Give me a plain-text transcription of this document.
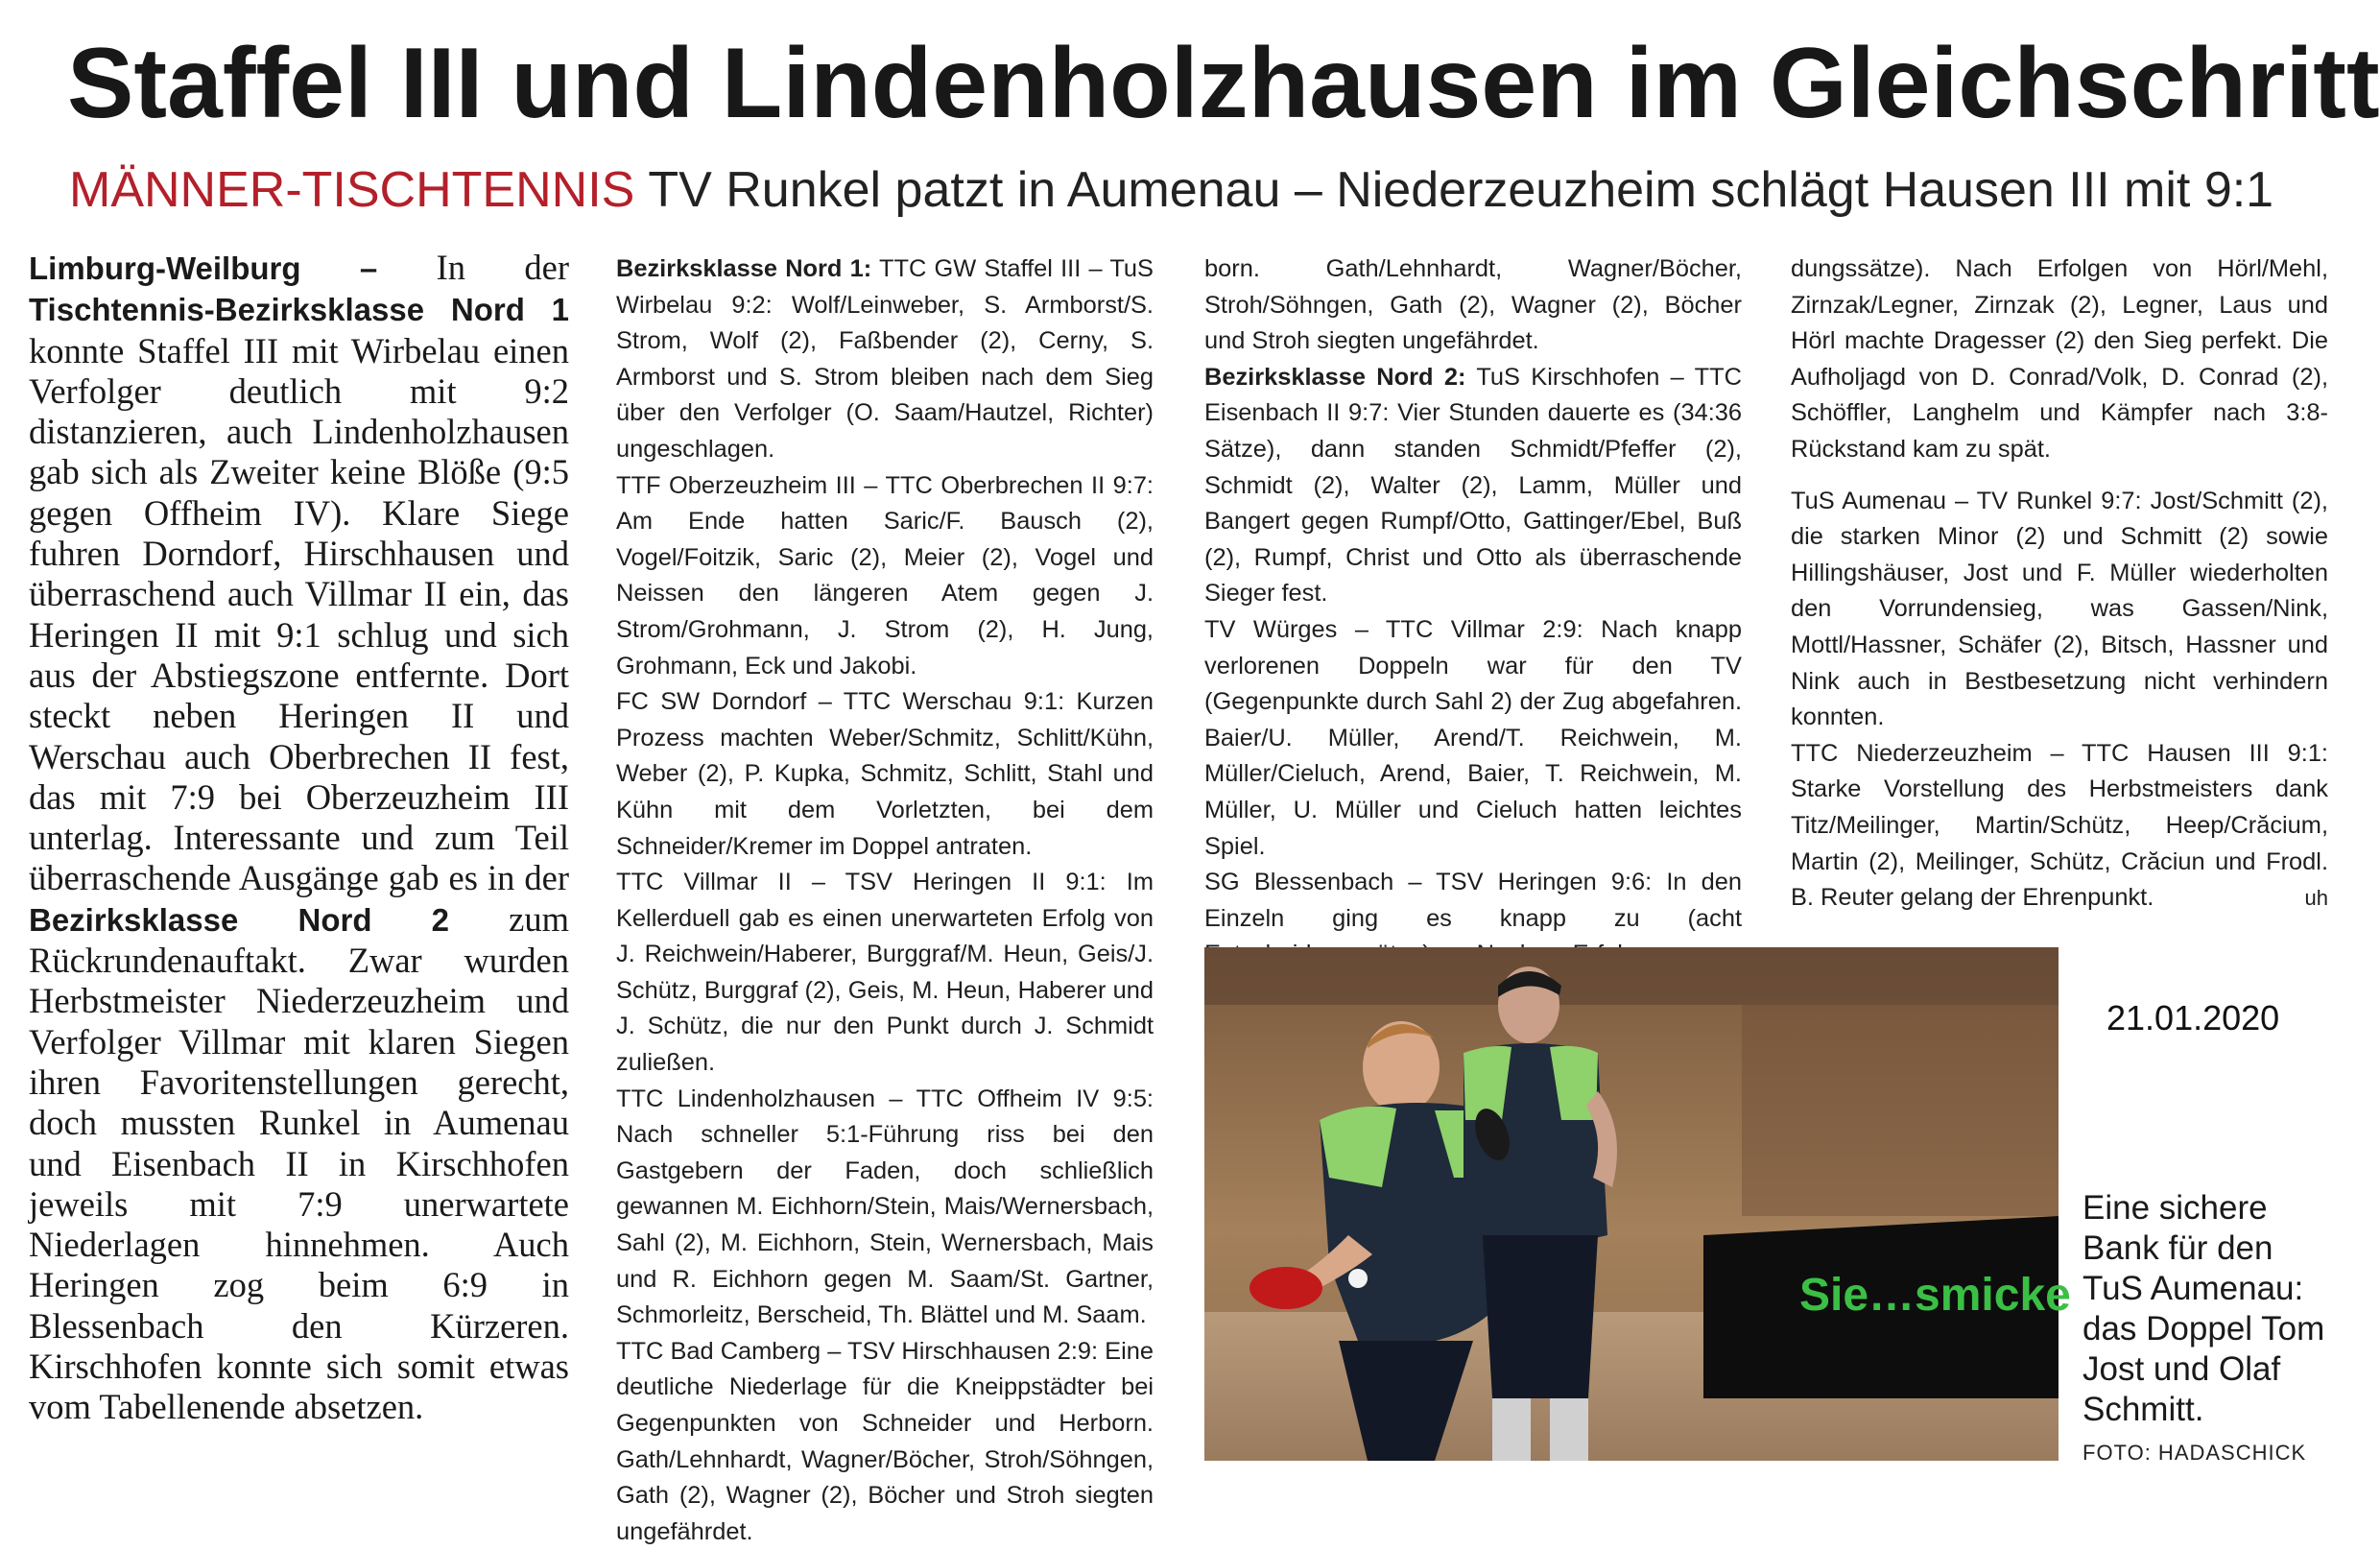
Staffel III und Lindenholzhausen im Gleichschritt
MÄNNER-TISCHTENNIS TV Runkel patzt in Aumenau – Niederzeuzheim schlägt Hausen III mit 9:1
Limburg-Weilburg – In der Tischtennis-Bezirksklasse Nord 1 konnte Staffel III mit Wirbelau einen Verfolger deutlich mit 9:2 distanzieren, auch Lindenholzhausen gab sich als Zweiter keine Blöße (9:5 gegen Offheim IV). Klare Siege fuhren Dorndorf, Hirschhausen und überraschend auch Villmar II ein, das Heringen II mit 9:1 schlug und sich aus der Abstiegszone entfernte. Dort steckt neben Heringen II und Werschau auch Oberbrechen II fest, das mit 7:9 bei Oberzeuzheim III unterlag. Interessante und zum Teil überraschende Ausgänge gab es in der Bezirksklasse Nord 2 zum Rückrundenauftakt. Zwar wurden Herbstmeister Niederzeuzheim und Verfolger Villmar mit klaren Siegen ihren Favoritenstellungen gerecht, doch mussten Runkel in Aumenau und Eisenbach II in Kirschhofen jeweils mit 7:9 unerwartete Niederlagen hinnehmen. Auch Heringen zog beim 6:9 in Blessenbach den Kürzeren. Kirschhofen konnte sich somit etwas vom Tabellenende absetzen.

Bezirksklasse Nord 1: TTC GW Staffel III – TuS Wirbelau 9:2: Wolf/Leinweber, S. Armborst/S. Strom, Wolf (2), Faßbender (2), Cerny, S. Armborst und S. Strom bleiben nach dem Sieg über den Verfolger (O. Saam/Hautzel, Richter) ungeschlagen.

TTF Oberzeuzheim III – TTC Oberbrechen II 9:7: Am Ende hatten Saric/F. Bausch (2), Vogel/Foitzik, Saric (2), Meier (2), Vogel und Neissen den längeren Atem gegen J. Strom/Grohmann, J. Strom (2), H. Jung, Grohmann, Eck und Jakobi.

FC SW Dorndorf – TTC Werschau 9:1: Kurzen Prozess machten Weber/Schmitz, Schlitt/Kühn, Weber (2), P. Kupka, Schmitz, Schlitt, Stahl und Kühn mit dem Vorletzten, bei dem Schneider/Kremer im Doppel antraten.

TTC Villmar II – TSV Heringen II 9:1: Im Kellerduell gab es einen unerwarteten Erfolg von J. Reichwein/Haberer, Burggraf/M. Heun, Geis/J. Schütz, Burggraf (2), Geis, M. Heun, Haberer und J. Schütz, die nur den Punkt durch J. Schmidt zuließen.

TTC Lindenholzhausen – TTC Offheim IV 9:5: Nach schneller 5:1-Führung riss bei den Gastgebern der Faden, doch schließlich gewannen M. Eichhorn/Stein, Mais/Wernersbach, Sahl (2), M. Eichhorn, Stein, Wernersbach, Mais und R. Eichhorn gegen M. Saam/St. Gartner, Schmorleitz, Berscheid, Th. Blättel und M. Saam.

TTC Bad Camberg – TSV Hirschhausen 2:9: Eine deutliche Niederlage für die Kneippstädter bei Gegenpunkten von Schneider und Herborn. Gath/Lehnhardt, Wagner/Böcher, Stroh/Söhngen, Gath (2), Wagner (2), Böcher und Stroh siegten ungefährdet.

born. Gath/Lehnhardt, Wagner/Böcher, Stroh/Söhngen, Gath (2), Wagner (2), Böcher und Stroh siegten ungefährdet.

Bezirksklasse Nord 2: TuS Kirschhofen – TTC Eisenbach II 9:7: Vier Stunden dauerte es (34:36 Sätze), dann standen Schmidt/Pfeffer (2), Schmidt (2), Walter (2), Lamm, Müller und Bangert gegen Rumpf/Otto, Gattinger/Ebel, Buß (2), Rumpf, Christ und Otto als überraschende Sieger fest.

TV Würges – TTC Villmar 2:9: Nach knapp verlorenen Doppeln war für den TV (Gegenpunkte durch Sahl 2) der Zug abgefahren. Baier/U. Müller, Arend/T. Reichwein, M. Müller/Cieluch, Arend, Baier, T. Reichwein, M. Müller, U. Müller und Cieluch hatten leichtes Spiel.

SG Blessenbach – TSV Heringen 9:6: In den Einzeln ging es knapp zu (acht

dungssätze). Nach Erfolgen von Hörl/Mehl, Zirnzak/Legner, Zirnzak (2), Legner, Laus und Hörl machte Dragesser (2) den Sieg perfekt. Die Aufholjagd von D. Conrad/Volk, D. Conrad (2), Schöffler, Langhelm und Kämpfer nach 3:8-Rückstand kam zu spät.

TuS Aumenau – TV Runkel 9:7: Jost/Schmitt (2), die starken Minor (2) und Schmitt (2) sowie Hillingshäuser, Jost und F. Müller wiederholten den Vorrundensieg, was Gassen/Nink, Mottl/Hassner, Schäfer (2), Bitsch, Hassner und Nink auch in Bestbesetzung nicht verhindern konnten.

TTC Niederzeuzheim – TTC Hausen III 9:1: Starke Vorstellung des Herbstmeisters dank Titz/Meilinger, Martin/Schütz, Heep/Crăcium, Martin (2), Meilinger, Schütz, Crăciun und Frodl. B. Reuter gelang der Ehrenpunkt.	uh

Sie…smicke
21.01.2020
Eine sichere Bank für den TuS Aumenau: das Doppel Tom Jost und Olaf Schmitt.
FOTO: HADASCHICK
